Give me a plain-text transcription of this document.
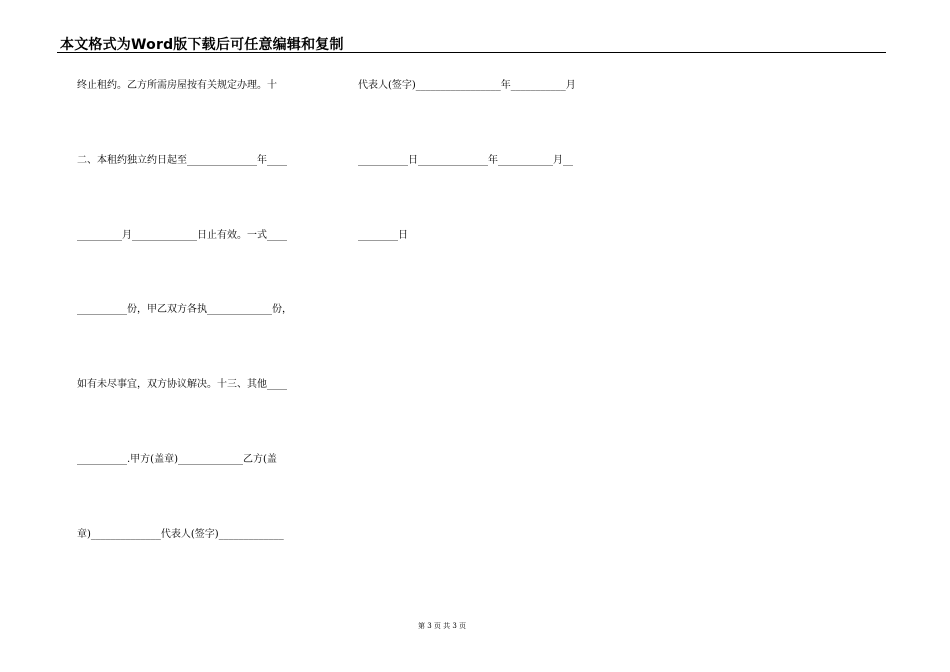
本文格式为Word版下载后可任意编辑和复制
终止租约。乙方所需房屋按有关规定办理。十
二、本租约独立约日起至______________年____
_________月_____________日止有效。一式____
__________份，甲乙双方各执_____________份，
如有未尽事宜，双方协议解决。十三、其他____
__________.甲方(盖章)_____________乙方(盖
章)______________代表人(签字)_____________
代表人(签字)_________________年___________月
__________日______________年___________月__
________日
第 3 页 共 3 页
